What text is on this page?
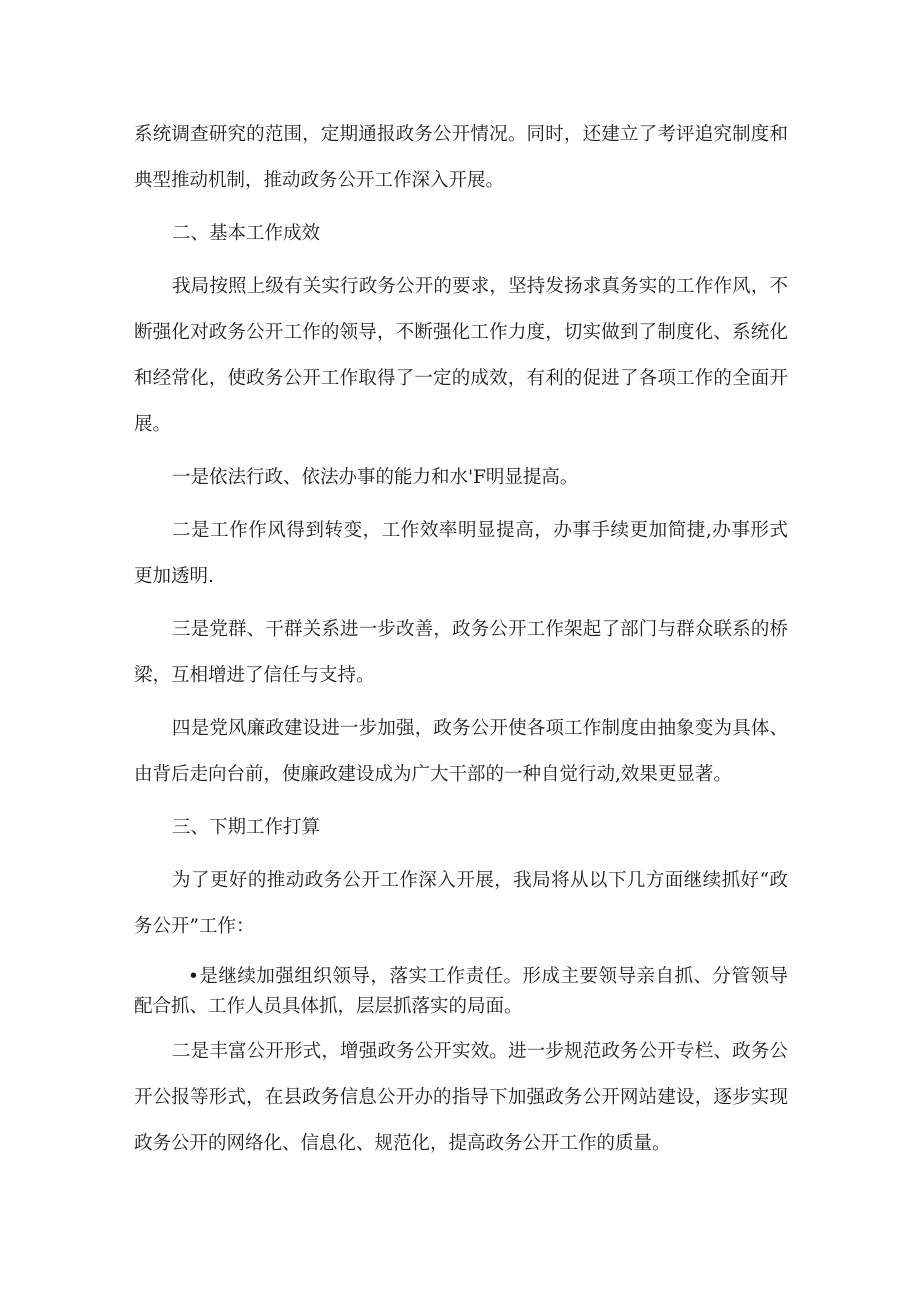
系统调查研究的范围，定期通报政务公开情况。同时，还建立了考评追究制度和典型推动机制，推动政务公开工作深入开展。

二、基本工作成效

我局按照上级有关实行政务公开的要求，坚持发扬求真务实的工作作风，不断强化对政务公开工作的领导，不断强化工作力度，切实做到了制度化、系统化和经常化，使政务公开工作取得了一定的成效，有利的促进了各项工作的全面开展。

一是依法行政、依法办事的能力和水'F明显提高。

二是工作作风得到转变，工作效率明显提高，办事手续更加简捷,办事形式更加透明.

三是党群、干群关系进一步改善，政务公开工作架起了部门与群众联系的桥梁，互相增进了信任与支持。

四是党风廉政建设进一步加强，政务公开使各项工作制度由抽象变为具体、由背后走向台前，使廉政建设成为广大干部的一种自觉行动,效果更显著。

三、下期工作打算

为了更好的推动政务公开工作深入开展，我局将从以下几方面继续抓好“政务公开”工作：

•是继续加强组织领导，落实工作责任。形成主要领导亲自抓、分管领导配合抓、工作人员具体抓，层层抓落实的局面。

二是丰富公开形式，增强政务公开实效。进一步规范政务公开专栏、政务公开公报等形式，在县政务信息公开办的指导下加强政务公开网站建设，逐步实现政务公开的网络化、信息化、规范化，提高政务公开工作的质量。
